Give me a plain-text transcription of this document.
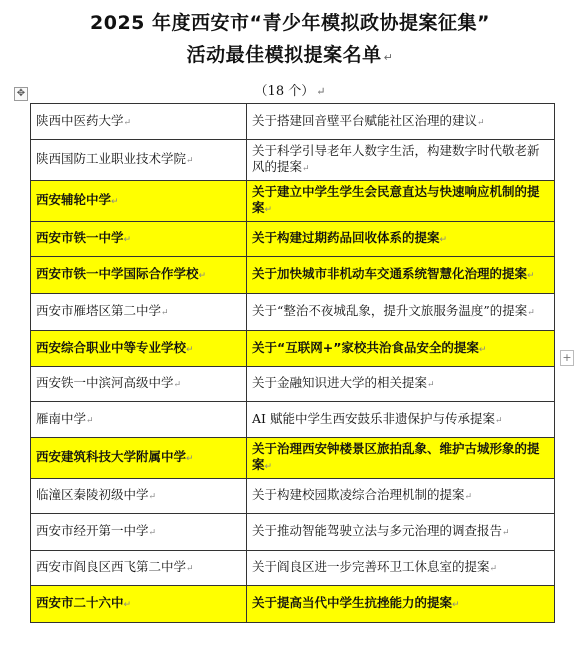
2025 年度西安市“青少年模拟政协提案征集”
活动最佳模拟提案名单 ↵
（18 个） ↵
✥
+
陕西中医药大学↵	关于搭建回音壁平台赋能社区治理的建议↵
陕西国防工业职业技术学院↵	关于科学引导老年人数字生活，构建数字时代敬老新风的提案↵
西安辅轮中学↵	关于建立中学生学生会民意直达与快速响应机制的提案↵
西安市铁一中学↵	关于构建过期药品回收体系的提案↵
西安市铁一中学国际合作学校↵	关于加快城市非机动车交通系统智慧化治理的提案↵
西安市雁塔区第二中学↵	关于“整治不夜城乱象，提升文旅服务温度”的提案↵
西安综合职业中等专业学校↵	关于“互联网+”家校共治食品安全的提案↵
西安铁一中滨河高级中学↵	关于金融知识进大学的相关提案↵
雁南中学↵	AI 赋能中学生西安鼓乐非遗保护与传承提案↵
西安建筑科技大学附属中学↵	关于治理西安钟楼景区旅拍乱象、维护古城形象的提案↵
临潼区秦陵初级中学↵	关于构建校园欺凌综合治理机制的提案↵
西安市经开第一中学↵	关于推动智能驾驶立法与多元治理的调查报告↵
西安市阎良区西飞第二中学↵	关于阎良区进一步完善环卫工休息室的提案↵
西安市二十六中↵	关于提高当代中学生抗挫能力的提案↵
